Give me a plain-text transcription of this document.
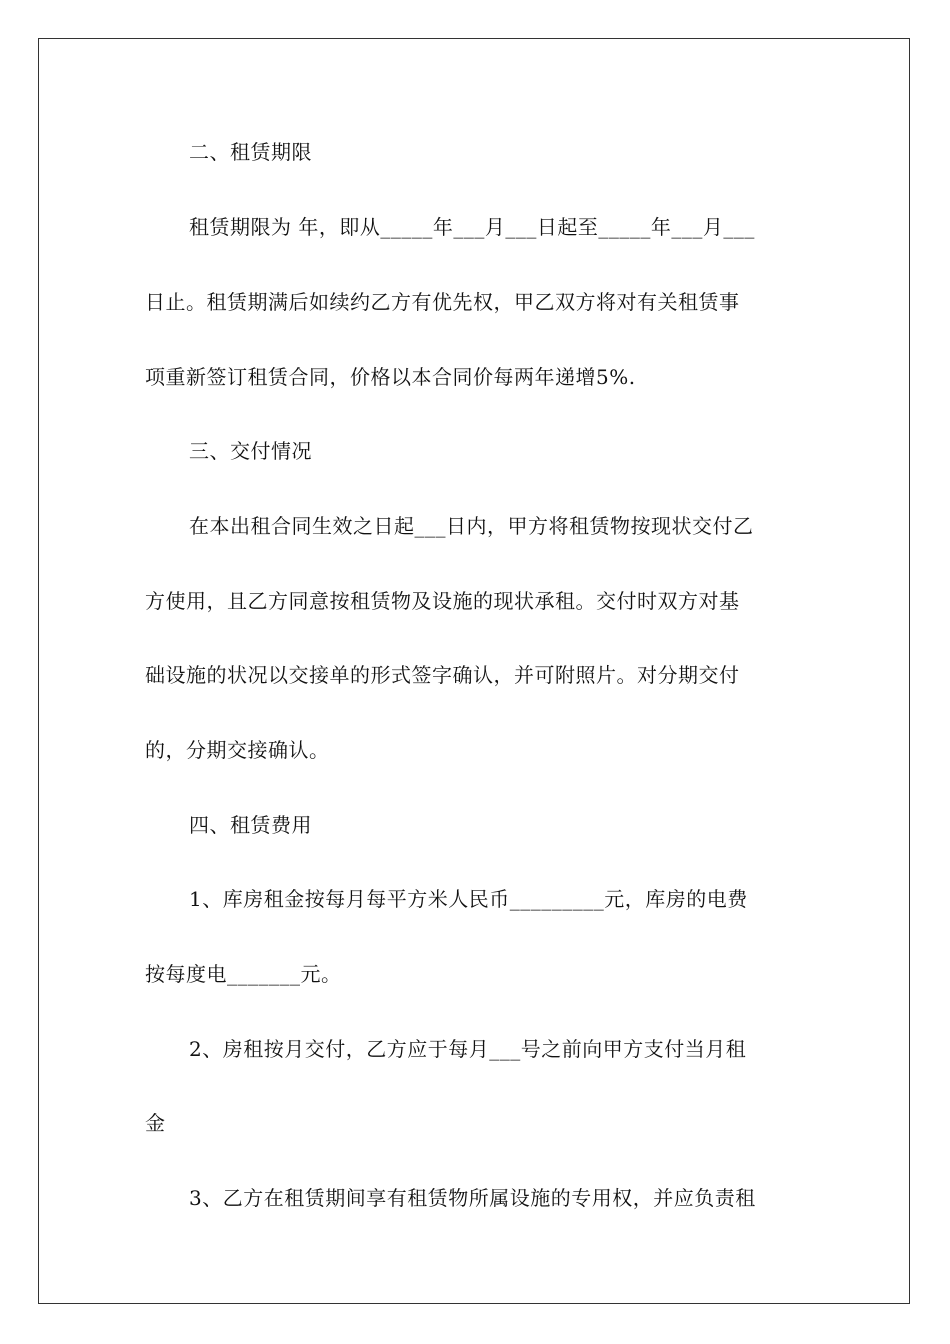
二、租赁期限
租赁期限为 年，即从_____年___月___日起至_____年___月___
日止。租赁期满后如续约乙方有优先权，甲乙双方将对有关租赁事
项重新签订租赁合同，价格以本合同价每两年递增5%.
三、交付情况
在本出租合同生效之日起___日内，甲方将租赁物按现状交付乙
方使用，且乙方同意按租赁物及设施的现状承租。交付时双方对基
础设施的状况以交接单的形式签字确认，并可附照片。对分期交付
的，分期交接确认。
四、租赁费用
1、库房租金按每月每平方米人民币_________元，库房的电费
按每度电_______元。
2、房租按月交付，乙方应于每月___号之前向甲方支付当月租
金
3、乙方在租赁期间享有租赁物所属设施的专用权，并应负责租
